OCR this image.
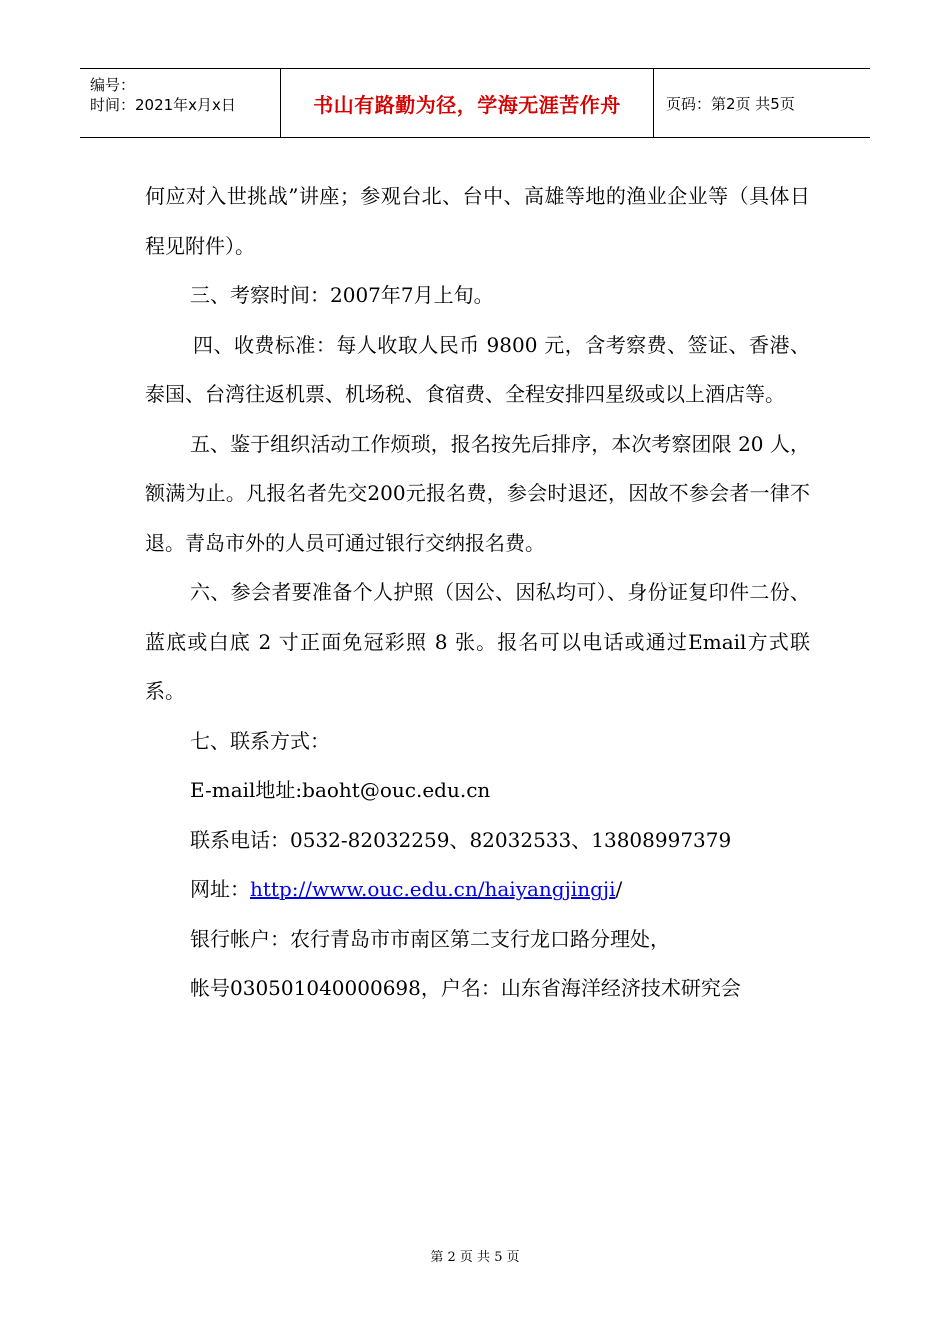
编号：
时间：2021年x月x日	书山有路勤为径，学海无涯苦作舟	页码：第2页 共5页

何应对入世挑战”讲座；参观台北、台中、高雄等地的渔业企业等（具体日程见附件）。

三、考察时间：2007年7月上旬。

四、收费标准：每人收取人民币 9800 元，含考察费、签证、香港、泰国、台湾往返机票、机场税、食宿费、全程安排四星级或以上酒店等。

五、鉴于组织活动工作烦琐，报名按先后排序，本次考察团限 20 人，额满为止。凡报名者先交200元报名费，参会时退还，因故不参会者一律不退。青岛市外的人员可通过银行交纳报名费。

六、参会者要准备个人护照（因公、因私均可）、身份证复印件二份、蓝底或白底 2 寸正面免冠彩照 8 张。报名可以电话或通过Email方式联系。

七、联系方式：

E-mail地址:baoht@ouc.edu.cn

联系电话：0532-82032259、82032533、13808997379

网址：http://www.ouc.edu.cn/haiyangjingji/

银行帐户：农行青岛市市南区第二支行龙口路分理处，

帐号030501040000698，户名：山东省海洋经济技术研究会

第 2 页 共 5 页
